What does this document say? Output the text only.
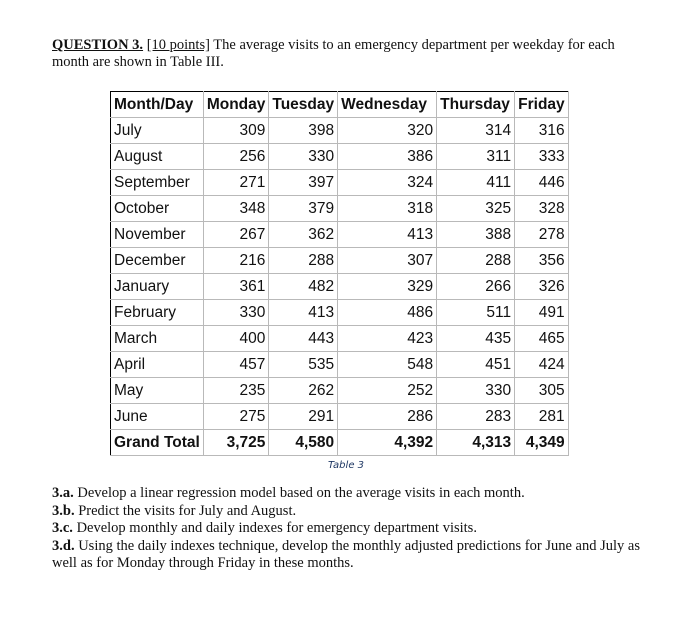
QUESTION 3. [10 points] The average visits to an emergency department per weekday for each month are shown in Table III.
Month/Day	Monday	Tuesday	Wednesday	Thursday	Friday
July	309	398	320	314	316
August	256	330	386	311	333
September	271	397	324	411	446
October	348	379	318	325	328
November	267	362	413	388	278
December	216	288	307	288	356
January	361	482	329	266	326
February	330	413	486	511	491
March	400	443	423	435	465
April	457	535	548	451	424
May	235	262	252	330	305
June	275	291	286	283	281
Grand Total	3,725	4,580	4,392	4,313	4,349
Table 3

3.a. Develop a linear regression model based on the average visits in each month.

3.b. Predict the visits for July and August.

3.c. Develop monthly and daily indexes for emergency department visits.

3.d. Using the daily indexes technique, develop the monthly adjusted predictions for June and July as well as for Monday through Friday in these months.
